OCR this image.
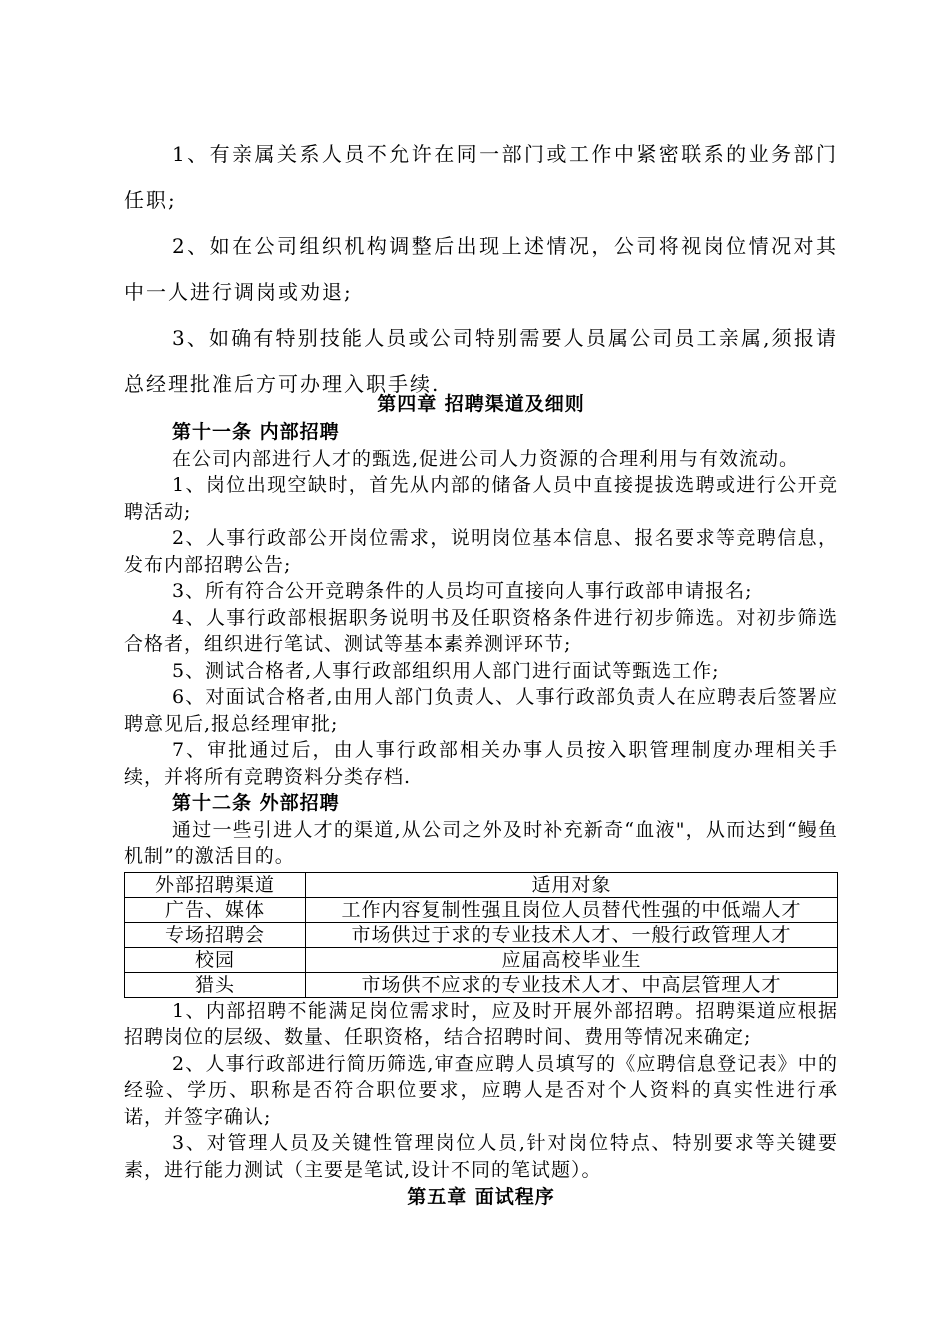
1、有亲属关系人员不允许在同一部门或工作中紧密联系的业务部门任职;

2、如在公司组织机构调整后出现上述情况，公司将视岗位情况对其中一人进行调岗或劝退;

3、如确有特别技能人员或公司特别需要人员属公司员工亲属,须报请总经理批准后方可办理入职手续.

第四章 招聘渠道及细则

第十一条 内部招聘

在公司内部进行人才的甄选,促进公司人力资源的合理利用与有效流动。

1、岗位出现空缺时，首先从内部的储备人员中直接提拔选聘或进行公开竞聘活动;

2、人事行政部公开岗位需求，说明岗位基本信息、报名要求等竞聘信息，发布内部招聘公告;

3、所有符合公开竞聘条件的人员均可直接向人事行政部申请报名;

4、人事行政部根据职务说明书及任职资格条件进行初步筛选。对初步筛选合格者，组织进行笔试、测试等基本素养测评环节;

5、测试合格者,人事行政部组织用人部门进行面试等甄选工作;

6、对面试合格者,由用人部门负责人、人事行政部负责人在应聘表后签署应聘意见后,报总经理审批;

7、审批通过后，由人事行政部相关办事人员按入职管理制度办理相关手续，并将所有竞聘资料分类存档.

第十二条 外部招聘

通过一些引进人才的渠道,从公司之外及时补充新奇“血液"，从而达到“鳗鱼机制”的激活目的。

外部招聘渠道	适用对象
广告、媒体	工作内容复制性强且岗位人员替代性强的中低端人才
专场招聘会	市场供过于求的专业技术人才、一般行政管理人才
校园	应届高校毕业生
猎头	市场供不应求的专业技术人才、中高层管理人才

1、内部招聘不能满足岗位需求时，应及时开展外部招聘。招聘渠道应根据招聘岗位的层级、数量、任职资格，结合招聘时间、费用等情况来确定;

2、人事行政部进行简历筛选,审查应聘人员填写的《应聘信息登记表》中的经验、学历、职称是否符合职位要求，应聘人是否对个人资料的真实性进行承诺，并签字确认;

3、对管理人员及关键性管理岗位人员,针对岗位特点、特别要求等关键要素，进行能力测试（主要是笔试,设计不同的笔试题）。

第五章 面试程序
